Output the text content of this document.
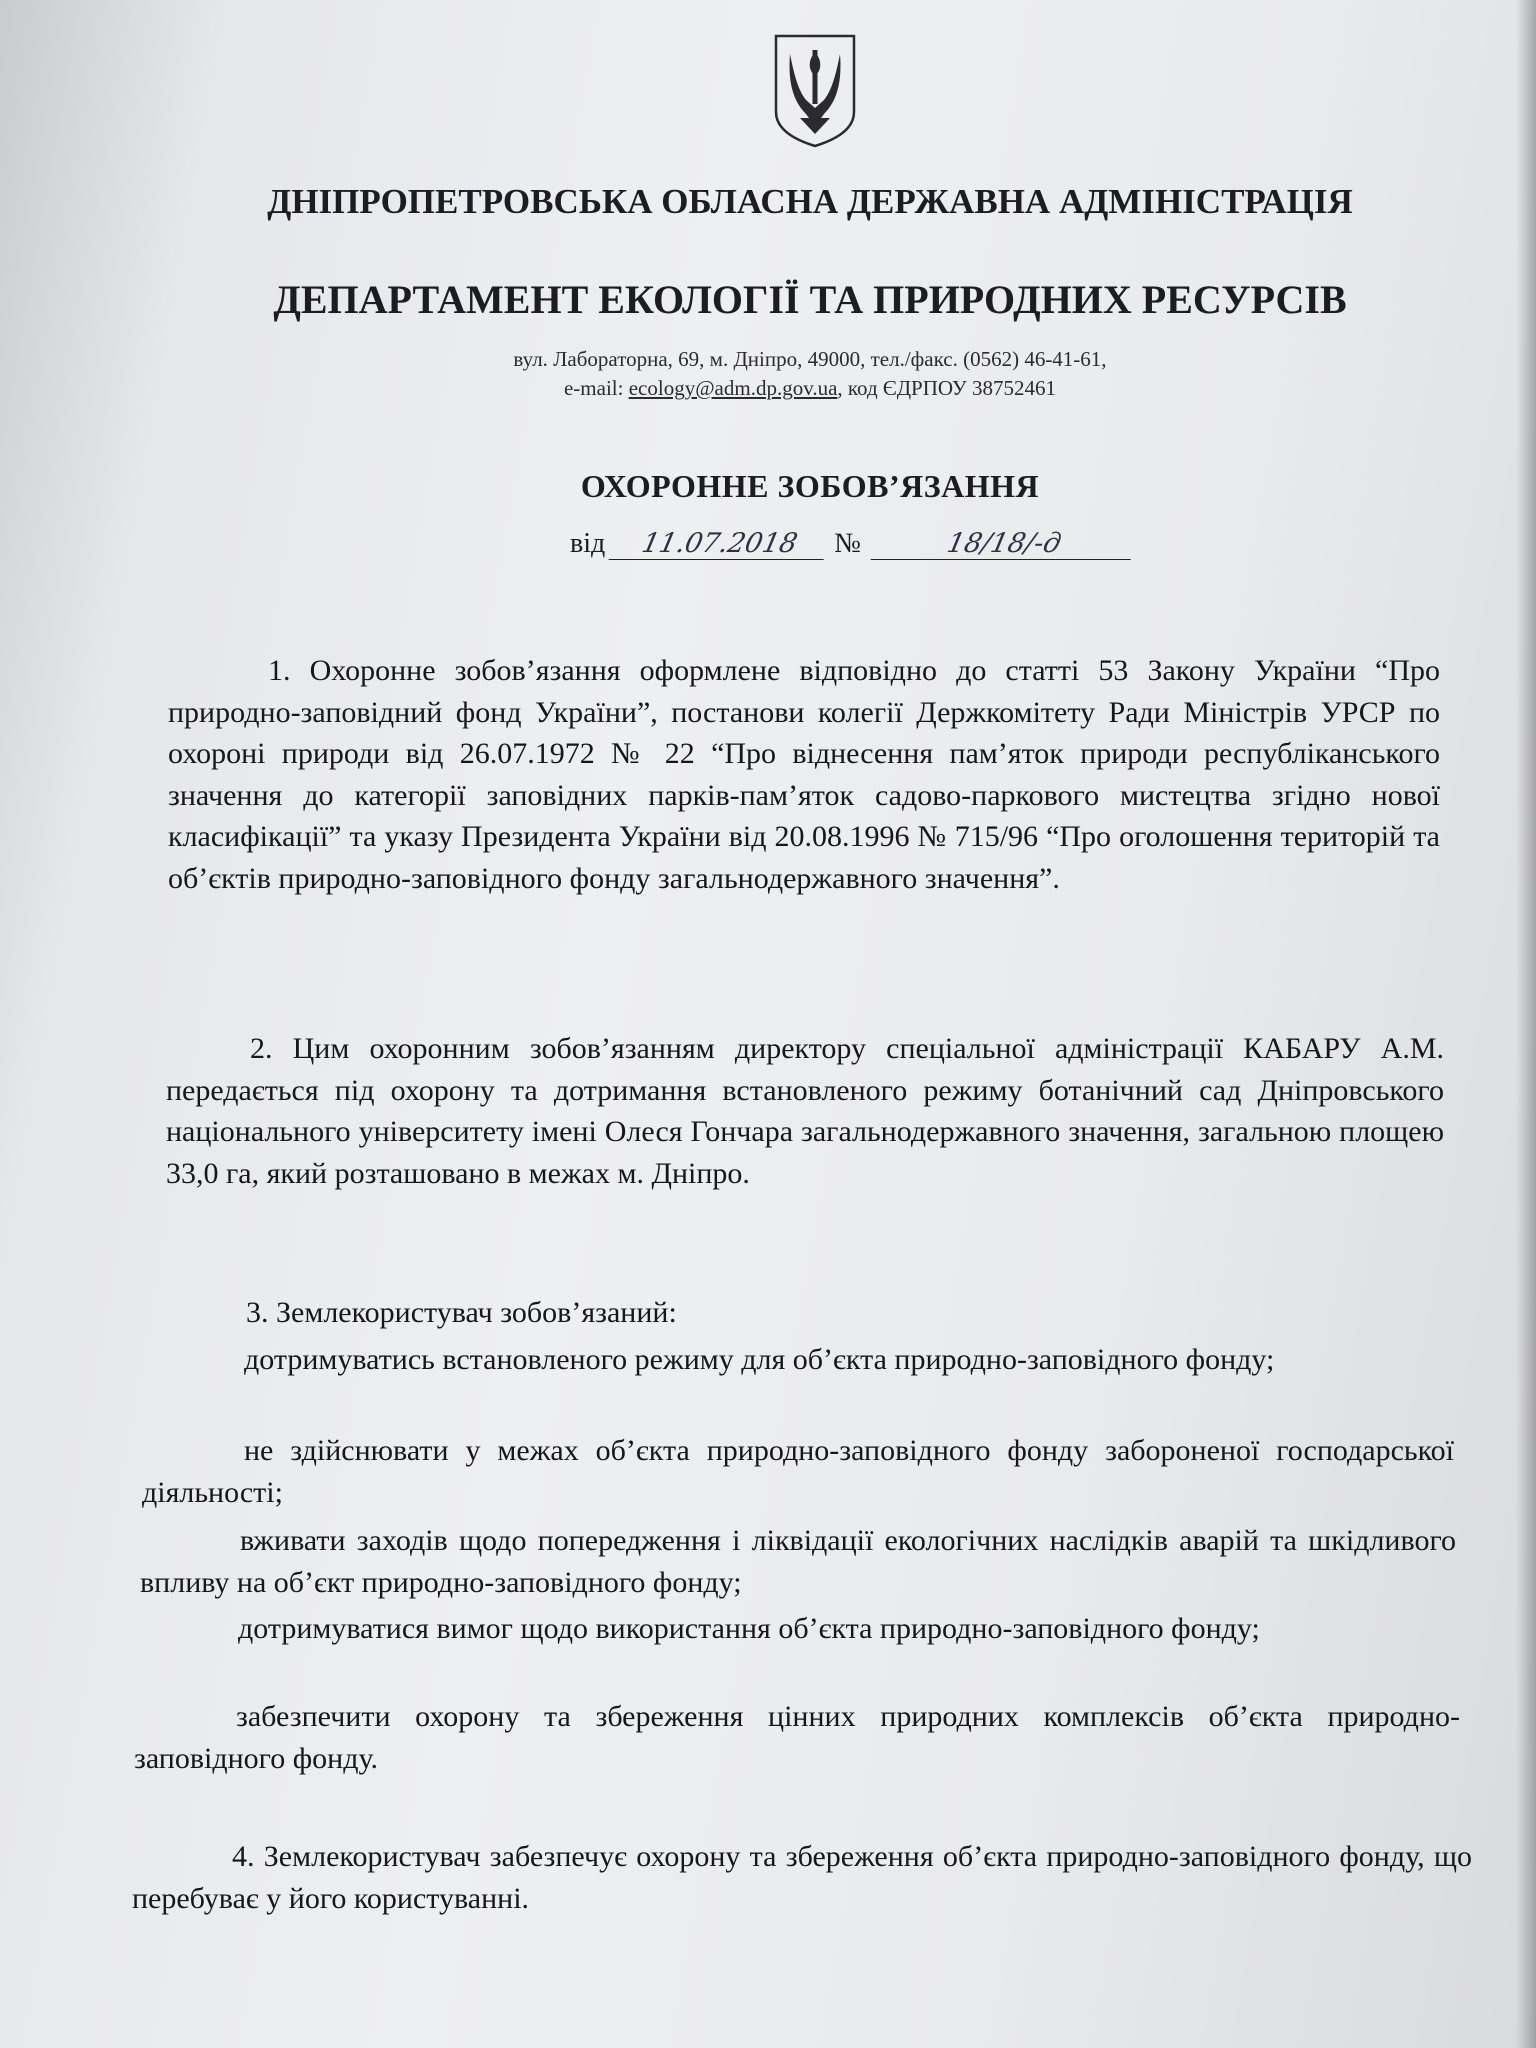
ДНІПРОПЕТРОВСЬКА ОБЛАСНА ДЕРЖАВНА АДМІНІСТРАЦІЯ
ДЕПАРТАМЕНТ ЕКОЛОГІЇ ТА ПРИРОДНИХ РЕСУРСІВ
вул. Лабораторна, 69, м. Дніпро, 49000, тел./факс. (0562) 46-41-61,
e-mail: ecology@adm.dp.gov.ua, код ЄДРПОУ 38752461
ОХОРОННЕ ЗОБОВ’ЯЗАННЯ
від 11.07.2018 №	18/18/-д
1. Охоронне зобов’язання оформлене відповідно до статті 53 Закону України “Про природно-заповідний фонд України”, постанови колегії Держкомітету Ради Міністрів УРСР по охороні природи від 26.07.1972 № 22 “Про віднесення пам’яток природи республіканського значення до категорії заповідних парків-пам’яток садово-паркового мистецтва згідно нової класифікації” та указу Президента України від 20.08.1996 № 715/96 “Про оголошення територій та об’єктів природно-заповідного фонду загальнодержавного значення”.
2. Цим охоронним зобов’язанням директору спеціальної адміністрації КАБАРУ А.М. передається під охорону та дотримання встановленого режиму ботанічний сад Дніпровського національного університету імені Олеся Гончара загальнодержавного значення, загальною площею 33,0 га, який розташовано в межах м. Дніпро.
3. Землекористувач зобов’язаний:
дотримуватись встановленого режиму для об’єкта природно-заповідного фонду;
не здійснювати у межах об’єкта природно-заповідного фонду забороненої господарської діяльності;
вживати заходів щодо попередження і ліквідації екологічних наслідків аварій та шкідливого впливу на об’єкт природно-заповідного фонду;
дотримуватися вимог щодо використання об’єкта природно-заповідного фонду;
забезпечити охорону та збереження цінних природних комплексів об’єкта природно-заповідного фонду.
4. Землекористувач забезпечує охорону та збереження об’єкта природно-заповідного фонду, що перебуває у його користуванні.
